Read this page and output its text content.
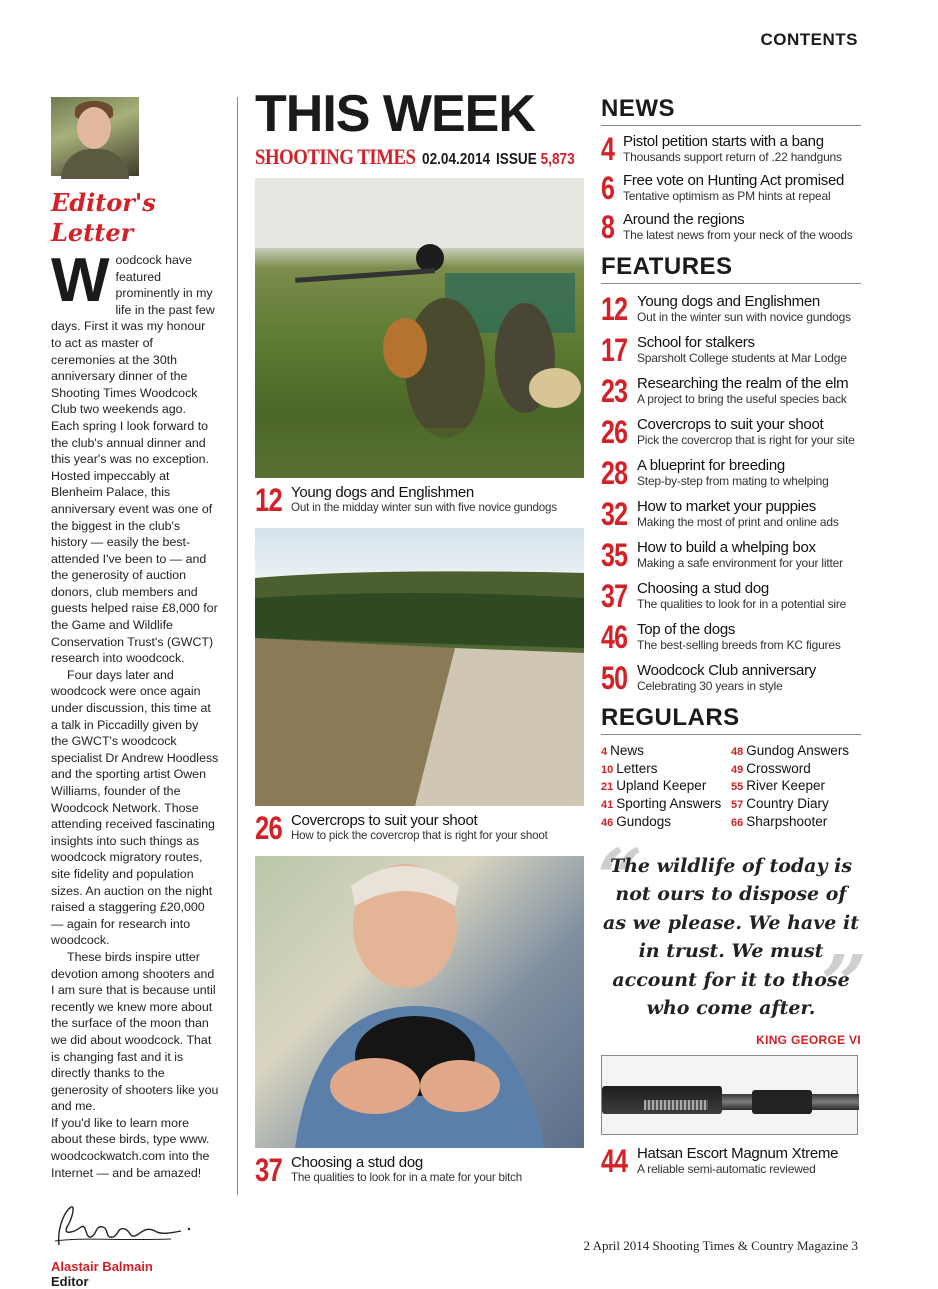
CONTENTS
Editor's Letter

Woodcock have featured prominently in my life in the past few days. First it was my honour to act as master of ceremonies at the 30th anniversary dinner of the Shooting Times Woodcock Club two weekends ago.

Each spring I look forward to the club's annual dinner and this year's was no exception. Hosted impeccably at Blenheim Palace, this anniversary event was one of the biggest in the club's history — easily the best-attended I've been to — and the generosity of auction donors, club members and guests helped raise £8,000 for the Game and Wildlife Conservation Trust's (GWCT) research into woodcock.

Four days later and woodcock were once again under discussion, this time at a talk in Piccadilly given by the GWCT's woodcock specialist Dr Andrew Hoodless and the sporting artist Owen Williams, founder of the Woodcock Network. Those attending received fascinating insights into such things as woodcock migratory routes, site fidelity and population sizes. An auction on the night raised a staggering £20,000 — again for research into woodcock.

These birds inspire utter devotion among shooters and I am sure that is because until recently we knew more about the surface of the moon than we did about woodcock. That is changing fast and it is directly thanks to the generosity of shooters like you and me.

If you'd like to learn more about these birds, type www. woodcockwatch.com into the Internet — and be amazed!

Alastair Balmain
Editor
THIS WEEK
SHOOTING TIMES 02.04.2014 ISSUE 5,873
12 Young dogs and Englishmen
Out in the midday winter sun with five novice gundogs
26 Covercrops to suit your shoot
How to pick the covercrop that is right for your shoot
37 Choosing a stud dog
The qualities to look for in a mate for your bitch
NEWS
4 Pistol petition starts with a bang
Thousands support return of .22 handguns
6 Free vote on Hunting Act promised
Tentative optimism as PM hints at repeal
8 Around the regions
The latest news from your neck of the woods
FEATURES
12 Young dogs and Englishmen
Out in the winter sun with novice gundogs
17 School for stalkers
Sparsholt College students at Mar Lodge
23 Researching the realm of the elm
A project to bring the useful species back
26 Covercrops to suit your shoot
Pick the covercrop that is right for your site
28 A blueprint for breeding
Step-by-step from mating to whelping
32 How to market your puppies
Making the most of print and online ads
35 How to build a whelping box
Making a safe environment for your litter
37 Choosing a stud dog
The qualities to look for in a potential sire
46 Top of the dogs
The best-selling breeds from KC figures
50 Woodcock Club anniversary
Celebrating 30 years in style
REGULARS
4 News
10 Letters
21 Upland Keeper
41 Sporting Answers
46 Gundogs
48 Gundog Answers
49 Crossword
55 River Keeper
57 Country Diary
66 Sharpshooter
“
”
The wildlife of today is not ours to dispose of as we please. We have it in trust. We must account for it to those who come after.
KING GEORGE VI
44 Hatsan Escort Magnum Xtreme
A reliable semi-automatic reviewed
2 April 2014 Shooting Times & Country Magazine 3
